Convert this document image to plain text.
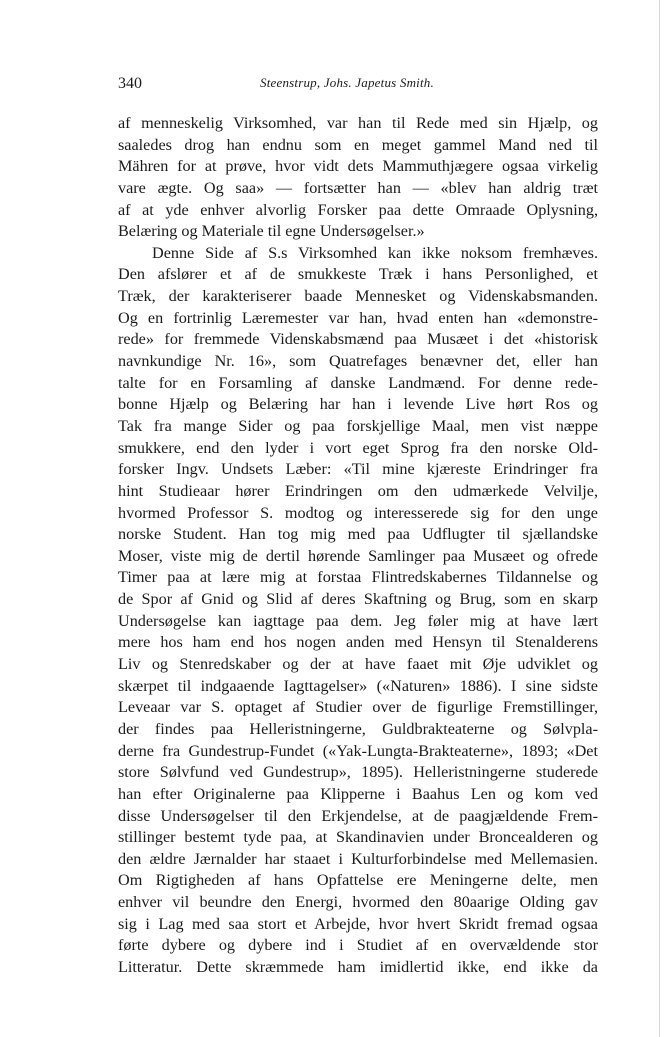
340	Steenstrup, Johs. Japetus Smith.
af menneskelig Virksomhed, var han til Rede med sin Hjælp, og
saaledes drog han endnu som en meget gammel Mand ned til
Mähren for at prøve, hvor vidt dets Mammuthjægere ogsaa virkelig
vare ægte. Og saa» — fortsætter han — «blev han aldrig træt
af at yde enhver alvorlig Forsker paa dette Omraade Oplysning,
Belæring og Materiale til egne Undersøgelser.»
Denne Side af S.s Virksomhed kan ikke noksom fremhæves.
Den afslører et af de smukkeste Træk i hans Personlighed, et
Træk, der karakteriserer baade Mennesket og Videnskabsmanden.
Og en fortrinlig Læremester var han, hvad enten han «demonstre-
rede» for fremmede Videnskabsmænd paa Musæet i det «historisk
navnkundige Nr. 16», som Quatrefages benævner det, eller han
talte for en Forsamling af danske Landmænd. For denne rede-
bonne Hjælp og Belæring har han i levende Live hørt Ros og
Tak fra mange Sider og paa forskjellige Maal, men vist næppe
smukkere, end den lyder i vort eget Sprog fra den norske Old-
forsker Ingv. Undsets Læber: «Til mine kjæreste Erindringer fra
hint Studieaar hører Erindringen om den udmærkede Velvilje,
hvormed Professor S. modtog og interesserede sig for den unge
norske Student. Han tog mig med paa Udflugter til sjællandske
Moser, viste mig de dertil hørende Samlinger paa Musæet og ofrede
Timer paa at lære mig at forstaa Flintredskabernes Tildannelse og
de Spor af Gnid og Slid af deres Skaftning og Brug, som en skarp
Undersøgelse kan iagttage paa dem. Jeg føler mig at have lært
mere hos ham end hos nogen anden med Hensyn til Stenalderens
Liv og Stenredskaber og der at have faaet mit Øje udviklet og
skærpet til indgaaende Iagttagelser» («Naturen» 1886). I sine sidste
Leveaar var S. optaget af Studier over de figurlige Fremstillinger,
der findes paa Helleristningerne, Guldbrakteaterne og Sølvpla-
derne fra Gundestrup-Fundet («Yak-Lungta-Brakteaterne», 1893; «Det
store Sølvfund ved Gundestrup», 1895). Helleristningerne studerede
han efter Originalerne paa Klipperne i Baahus Len og kom ved
disse Undersøgelser til den Erkjendelse, at de paagjældende Frem-
stillinger bestemt tyde paa, at Skandinavien under Broncealderen og
den ældre Jærnalder har staaet i Kulturforbindelse med Mellemasien.
Om Rigtigheden af hans Opfattelse ere Meningerne delte, men
enhver vil beundre den Energi, hvormed den 80aarige Olding gav
sig i Lag med saa stort et Arbejde, hvor hvert Skridt fremad ogsaa
førte dybere og dybere ind i Studiet af en overvældende stor
Litteratur. Dette skræmmede ham imidlertid ikke, end ikke da
